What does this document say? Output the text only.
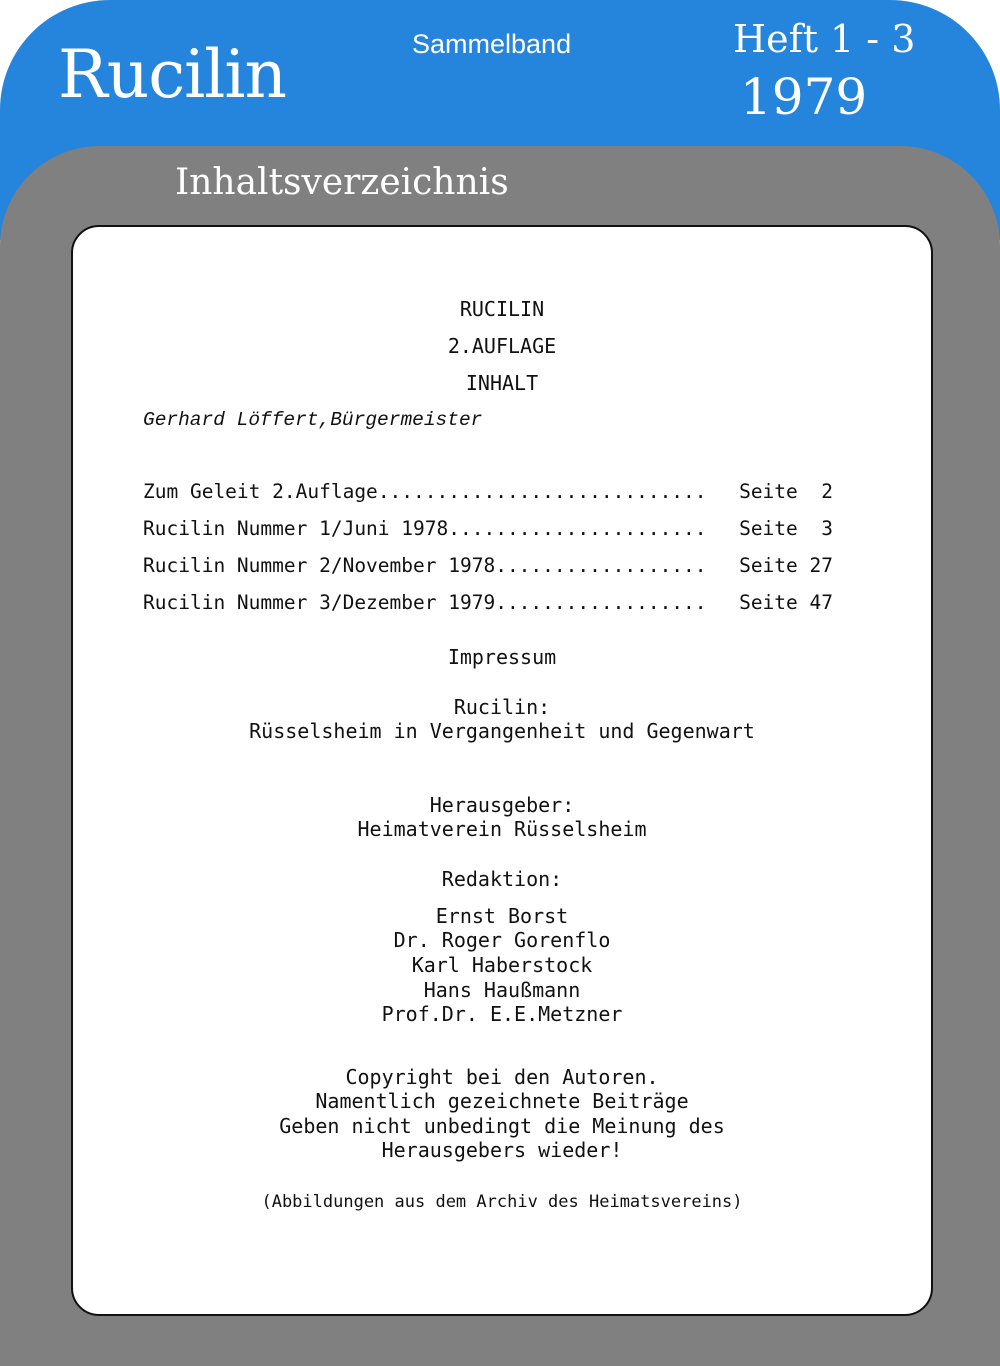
Rucilin	Sammelband	Heft 1 - 3
1979
Inhaltsverzeichnis
RUCILIN
2.AUFLAGE
INHALT
Gerhard Löffert,Bürgermeister

Zum Geleit 2.Auflage ............................	Seite  2

Rucilin Nummer 1/Juni 1978 ......................	Seite  3

Rucilin Nummer 2/November 1978 ..................	Seite 27

Rucilin Nummer 3/Dezember 1979 ..................	Seite 47

Impressum
Rucilin:
Rüsselsheim in Vergangenheit und Gegenwart
Herausgeber:
Heimatverein Rüsselsheim
Redaktion:
Ernst Borst
Dr. Roger Gorenflo
Karl Haberstock
Hans Haußmann
Prof.Dr. E.E.Metzner
Copyright bei den Autoren.
Namentlich gezeichnete Beiträge
Geben nicht unbedingt die Meinung des
Herausgebers wieder!
(Abbildungen aus dem Archiv des Heimatsvereins)
